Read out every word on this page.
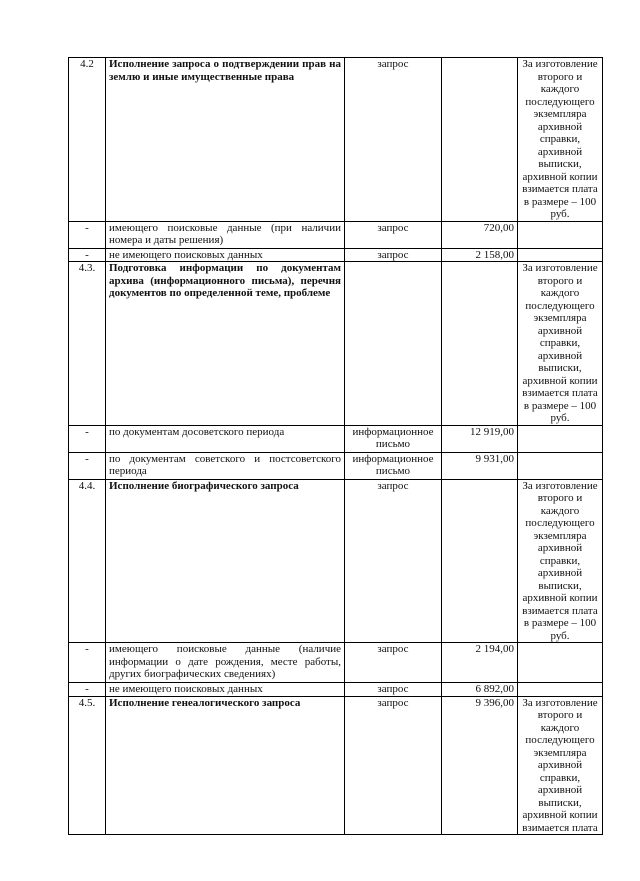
4.2	Исполнение запроса о подтверждении прав на землю и иные имущественные права	запрос		За изготовление второго и каждого последующего экземпляра архивной справки, архивной выписки, архивной копии взимается плата в размере – 100 руб.
-	имеющего поисковые данные (при наличии номера и даты решения)	запрос	720,00	
-	не имеющего поисковых данных	запрос	2 158,00	
4.3.	Подготовка информации по документам архива (информационного письма), перечня документов по определенной теме, проблеме			За изготовление второго и каждого последующего экземпляра архивной справки, архивной выписки, архивной копии взимается плата в размере – 100 руб.
-	по документам досоветского периода	информационное письмо	12 919,00	
-	по документам советского и постсоветского периода	информационное письмо	9 931,00	
4.4.	Исполнение биографического запроса	запрос		За изготовление второго и каждого последующего экземпляра архивной справки, архивной выписки, архивной копии взимается плата в размере – 100 руб.
-	имеющего поисковые данные (наличие информации о дате рождения, месте работы, других биографических сведениях)	запрос	2 194,00	
-	не имеющего поисковых данных	запрос	6 892,00	
4.5.	Исполнение генеалогического запроса	запрос	9 396,00	За изготовление второго и каждого последующего экземпляра архивной справки, архивной выписки, архивной копии взимается плата
